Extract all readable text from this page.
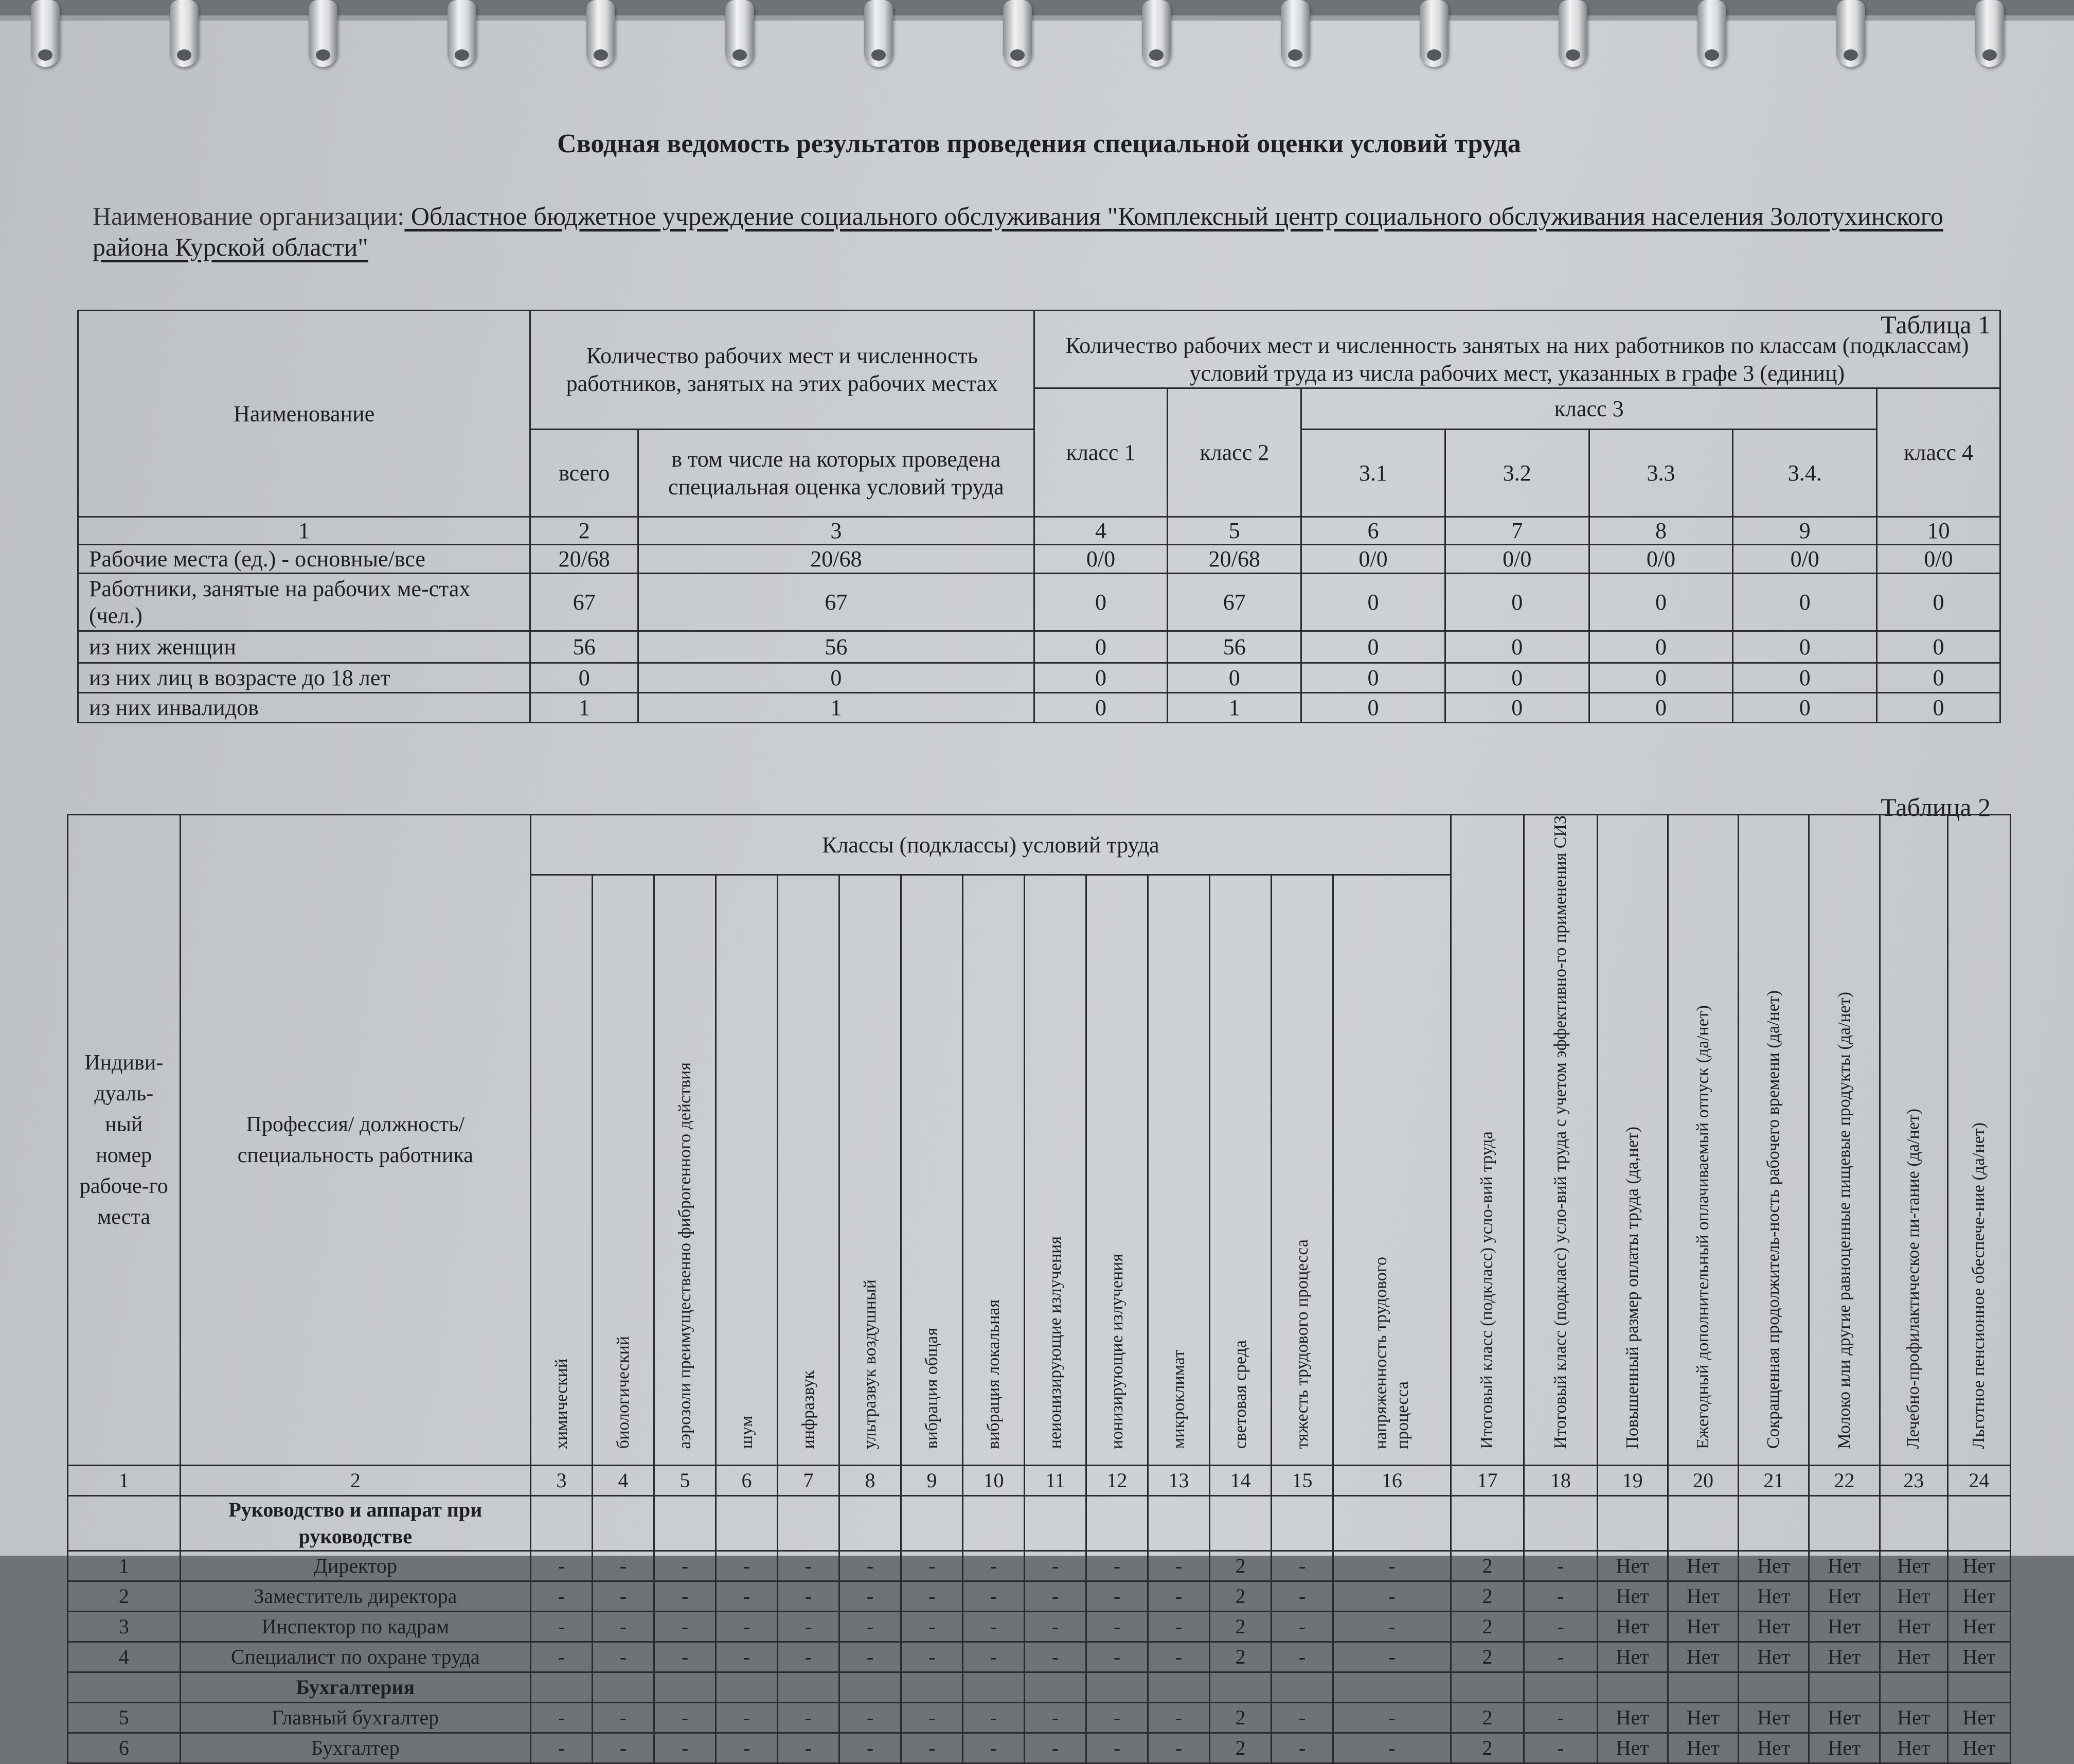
Сводная ведомость результатов проведения специальной оценки условий труда
Наименование организации: Областное бюджетное учреждение социального обслуживания "Комплексный центр социального обслуживания населения Золотухинского района Курской области"
Таблица 1
Наименование	Количество рабочих мест и численность работников, занятых на этих рабочих местах		Количество рабочих мест и численность занятых на них работников по классам (подклассам) условий труда из числа рабочих мест, указанных в графе 3 (единиц)						
			класс 1	класс 2	класс 3				класс 4
	всего	в том числе на которых проведена специальная оценка условий труда			3.1	3.2	3.3	3.4.	
1	2	3	4	5	6	7	8	9	10
Рабочие места (ед.) - основные/все	20/68	20/68	0/0	20/68	0/0	0/0	0/0	0/0	0/0
Работники, занятые на рабочих ме-стах (чел.)	67	67	0	67	0	0	0	0	0
из них женщин	56	56	0	56	0	0	0	0	0
из них лиц в возрасте до 18 лет	0	0	0	0	0	0	0	0	0
из них инвалидов	1	1	0	1	0	0	0	0	0
Таблица 2
Индиви-дуаль-ный номер рабоче-го места	Профессия/ должность/ специальность работника	Классы (подклассы) условий труда														Итоговый класс (подкласс) усло-вий труда	Итоговый класс (подкласс) усло-вий труда с учетом эффективно-го применения СИЗ	Повышенный размер оплаты труда (да,нет)	Ежегодный дополнительный оплачиваемый отпуск (да/нет)	Сокращенная продолжитель-ность рабочего времени (да/нет)	Молоко или другие равноценные пищевые продукты (да/нет)	Лечебно-профилактическое пи-тание (да/нет)	Льготное пенсионное обеспече-ние (да/нет)
		химический	биологический	аэрозоли преимущественно фиброгенного действия	шум	инфразвук	ультразвук воздушный	вибрация общая	вибрация локальная	неионизирующие излучения	ионизирующие излучения	микроклимат	световая среда	тяжесть трудового процесса	напряженность трудового процесса								
1	2	3	4	5	6	7	8	9	10	11	12	13	14	15	16	17	18	19	20	21	22	23	24
	Руководство и аппарат при руководстве																						
1	Директор	-	-	-	-	-	-	-	-	-	-	-	2	-	-	2	-	Нет	Нет	Нет	Нет	Нет	Нет
2	Заместитель директора	-	-	-	-	-	-	-	-	-	-	-	2	-	-	2	-	Нет	Нет	Нет	Нет	Нет	Нет
3	Инспектор по кадрам	-	-	-	-	-	-	-	-	-	-	-	2	-	-	2	-	Нет	Нет	Нет	Нет	Нет	Нет
4	Специалист по охране труда	-	-	-	-	-	-	-	-	-	-	-	2	-	-	2	-	Нет	Нет	Нет	Нет	Нет	Нет
	Бухгалтерия																						
5	Главный бухгалтер	-	-	-	-	-	-	-	-	-	-	-	2	-	-	2	-	Нет	Нет	Нет	Нет	Нет	Нет
6	Бухгалтер	-	-	-	-	-	-	-	-	-	-	-	2	-	-	2	-	Нет	Нет	Нет	Нет	Нет	Нет
